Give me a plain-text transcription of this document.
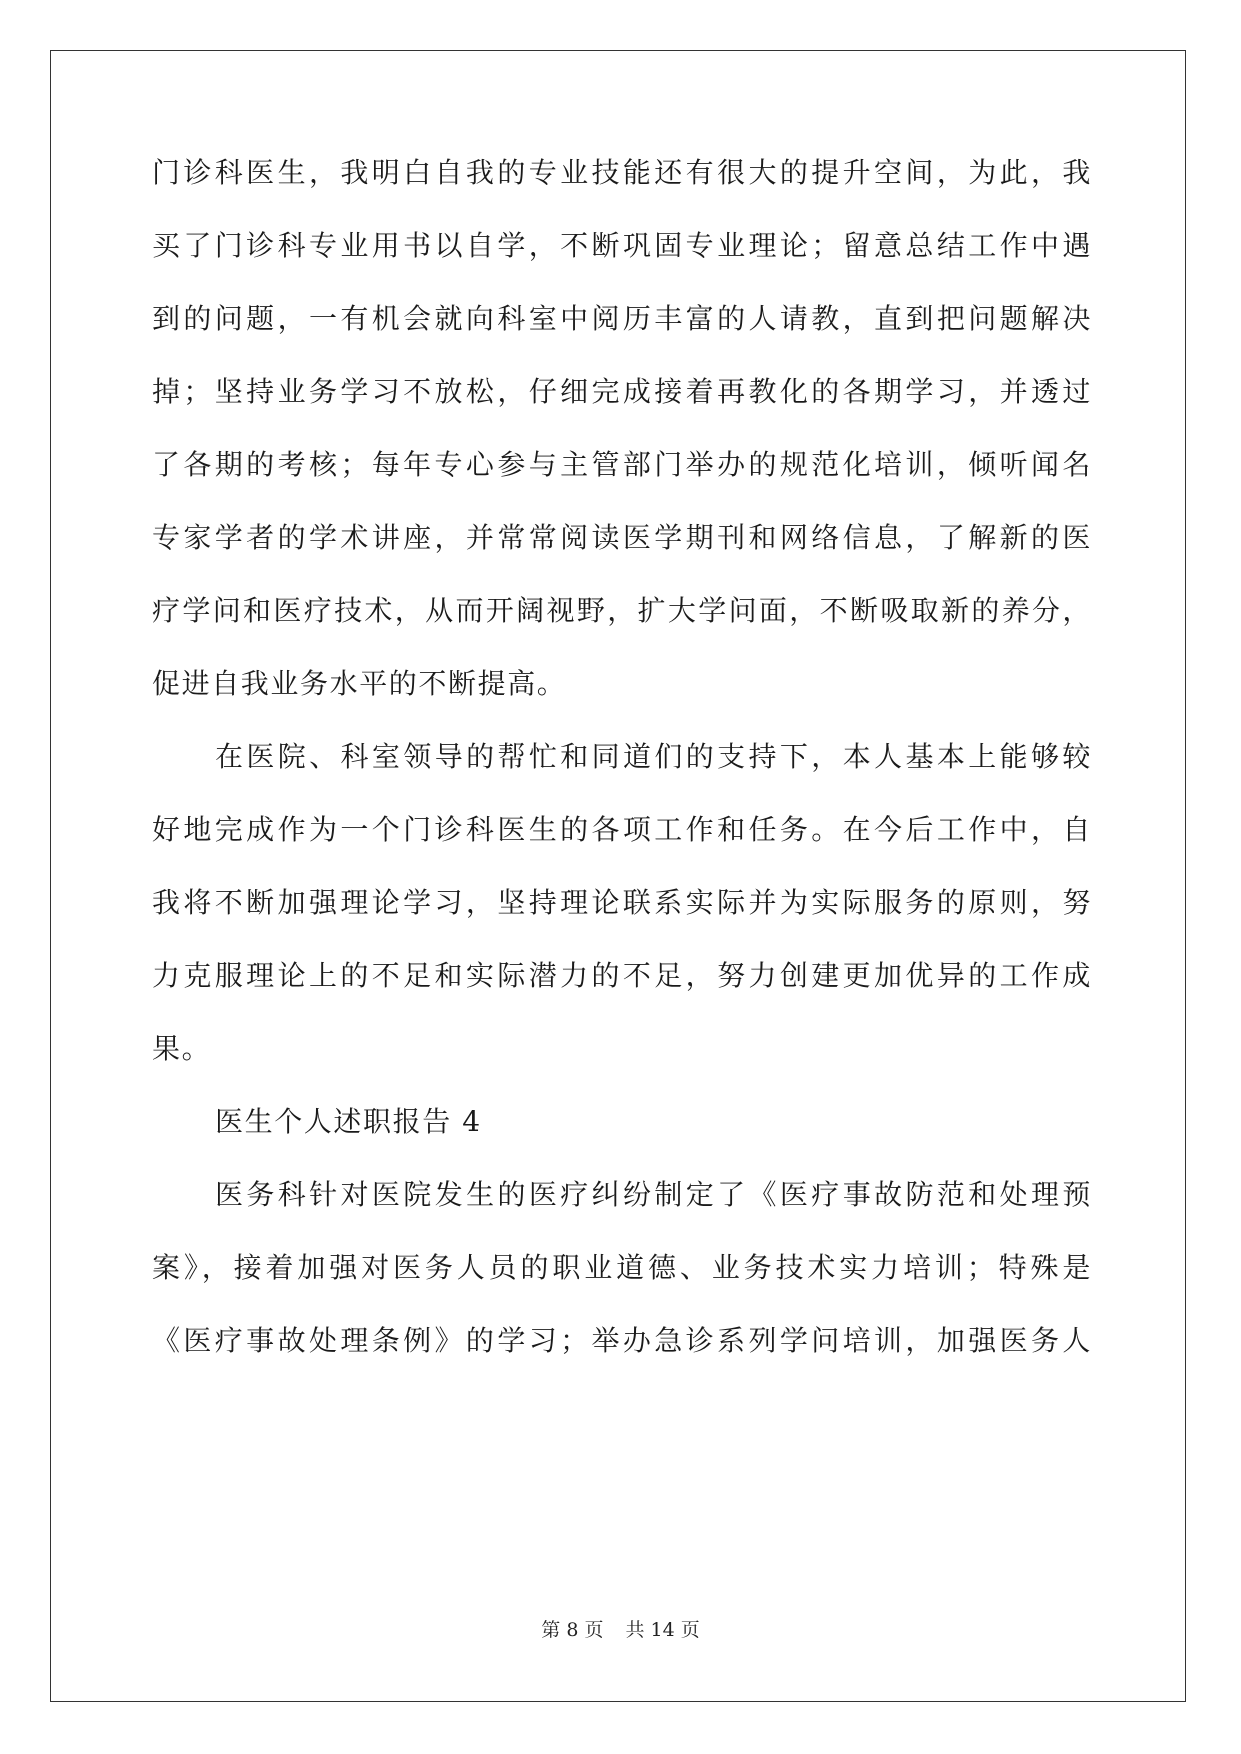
门诊科医生，我明白自我的专业技能还有很大的提升空间，为此，我
买了门诊科专业用书以自学，不断巩固专业理论；留意总结工作中遇
到的问题，一有机会就向科室中阅历丰富的人请教，直到把问题解决
掉；坚持业务学习不放松，仔细完成接着再教化的各期学习，并透过
了各期的考核；每年专心参与主管部门举办的规范化培训，倾听闻名
专家学者的学术讲座，并常常阅读医学期刊和网络信息，了解新的医
疗学问和医疗技术，从而开阔视野，扩大学问面，不断吸取新的养分，
促进自我业务水平的不断提高。
在医院、科室领导的帮忙和同道们的支持下，本人基本上能够较
好地完成作为一个门诊科医生的各项工作和任务。在今后工作中，自
我将不断加强理论学习，坚持理论联系实际并为实际服务的原则，努
力克服理论上的不足和实际潜力的不足，努力创建更加优异的工作成
果。
医生个人述职报告 4
医务科针对医院发生的医疗纠纷制定了《医疗事故防范和处理预
案》，接着加强对医务人员的职业道德、业务技术实力培训；特殊是
《医疗事故处理条例》的学习；举办急诊系列学问培训，加强医务人
第 8 页 共 14 页
